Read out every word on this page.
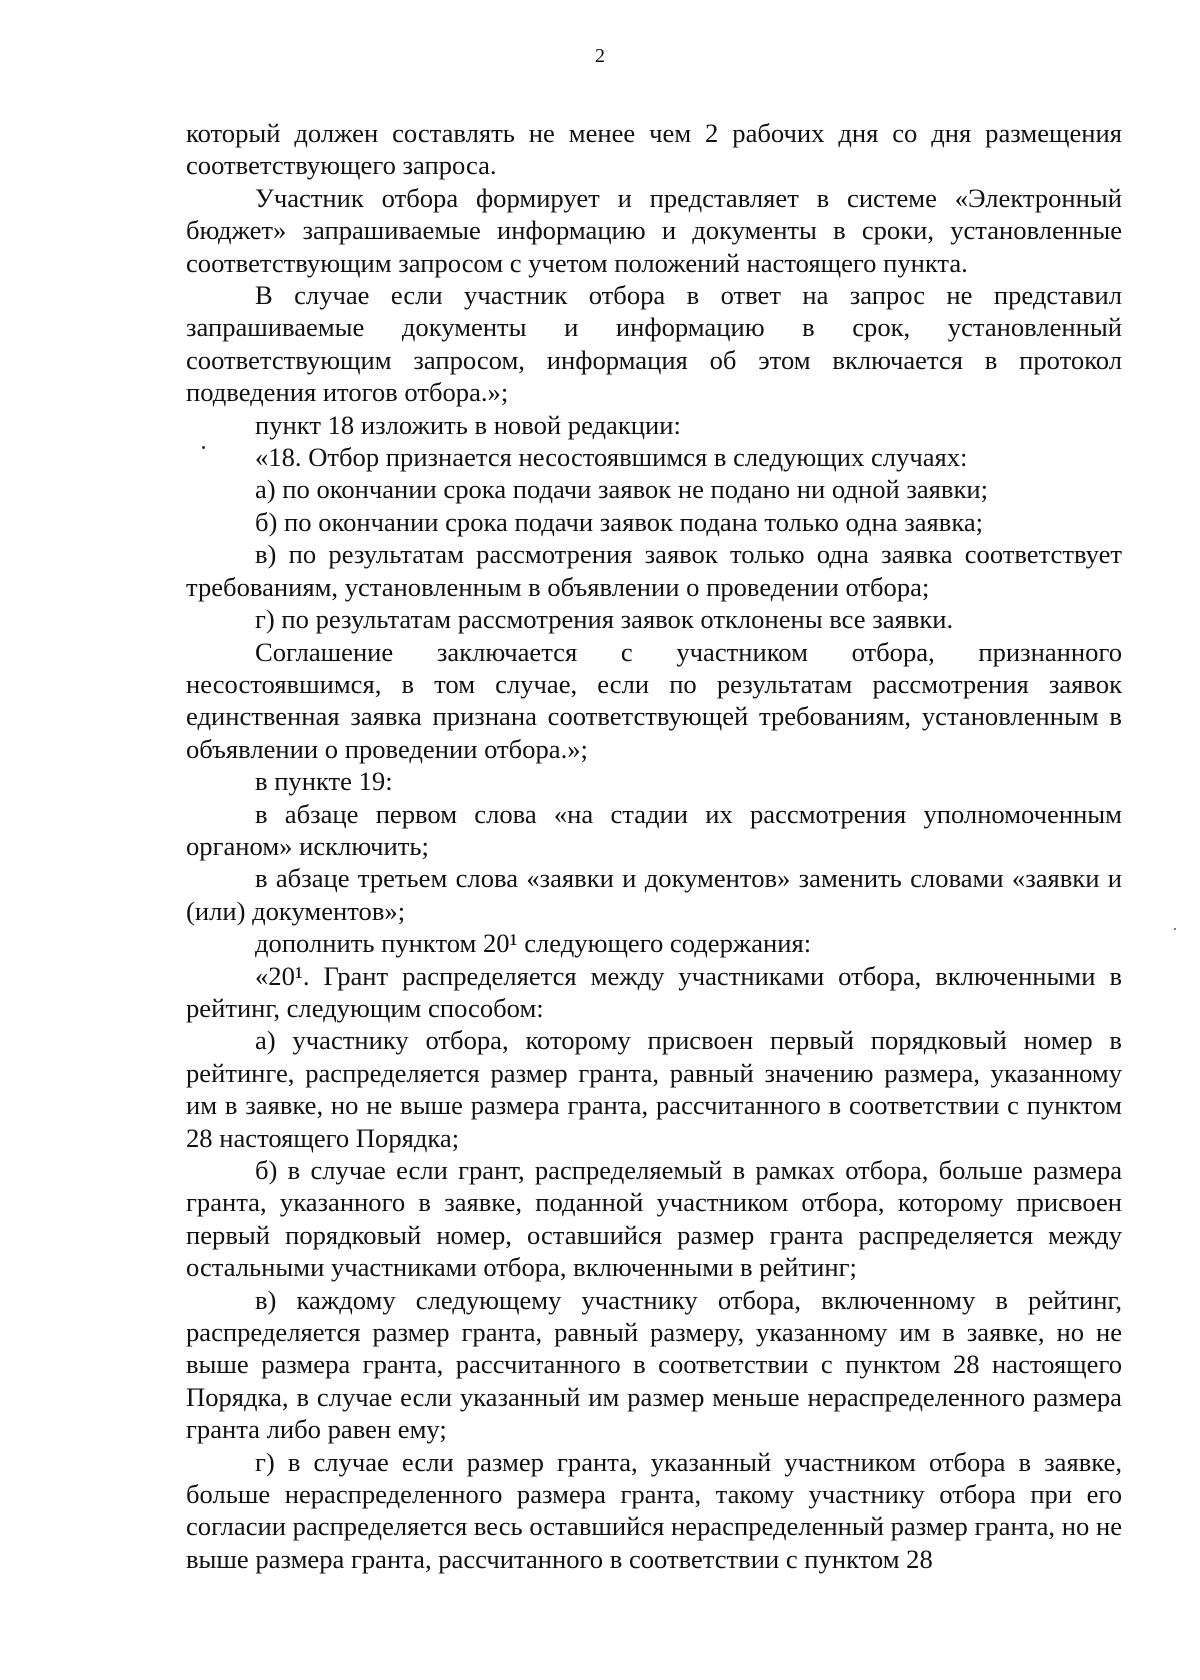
2

который должен составлять не менее чем 2 рабочих дня со дня размещения соответствующего запроса.

Участник отбора формирует и представляет в системе «Электронный бюджет» запрашиваемые информацию и документы в сроки, установленные соответствующим запросом с учетом положений настоящего пункта.

В случае если участник отбора в ответ на запрос не представил запрашиваемые документы и информацию в срок, установленный соответствующим запросом, информация об этом включается в протокол подведения итогов отбора.»;

пункт 18 изложить в новой редакции:

«18. Отбор признается несостоявшимся в следующих случаях:

а) по окончании срока подачи заявок не подано ни одной заявки;

б) по окончании срока подачи заявок подана только одна заявка;

в) по результатам рассмотрения заявок только одна заявка соответствует требованиям, установленным в объявлении о проведении отбора;

г) по результатам рассмотрения заявок отклонены все заявки.

Соглашение заключается с участником отбора, признанного несостоявшимся, в том случае, если по результатам рассмотрения заявок единственная заявка признана соответствующей требованиям, установленным в объявлении о проведении отбора.»;

в пункте 19:

в абзаце первом слова «на стадии их рассмотрения уполномоченным органом» исключить;

в абзаце третьем слова «заявки и документов» заменить словами «заявки и (или) документов»;

дополнить пунктом 20¹ следующего содержания:

«20¹. Грант распределяется между участниками отбора, включенными в рейтинг, следующим способом:

а) участнику отбора, которому присвоен первый порядковый номер в рейтинге, распределяется размер гранта, равный значению размера, указанному им в заявке, но не выше размера гранта, рассчитанного в соответствии с пунктом 28 настоящего Порядка;

б) в случае если грант, распределяемый в рамках отбора, больше размера гранта, указанного в заявке, поданной участником отбора, которому присвоен первый порядковый номер, оставшийся размер гранта распределяется между остальными участниками отбора, включенными в рейтинг;

в) каждому следующему участнику отбора, включенному в рейтинг, распределяется размер гранта, равный размеру, указанному им в заявке, но не выше размера гранта, рассчитанного в соответствии с пунктом 28 настоящего Порядка, в случае если указанный им размер меньше нераспределенного размера гранта либо равен ему;

г) в случае если размер гранта, указанный участником отбора в заявке, больше нераспределенного размера гранта, такому участнику отбора при его согласии распределяется весь оставшийся нераспределенный размер гранта, но не выше размера гранта, рассчитанного в соответствии с пунктом 28
